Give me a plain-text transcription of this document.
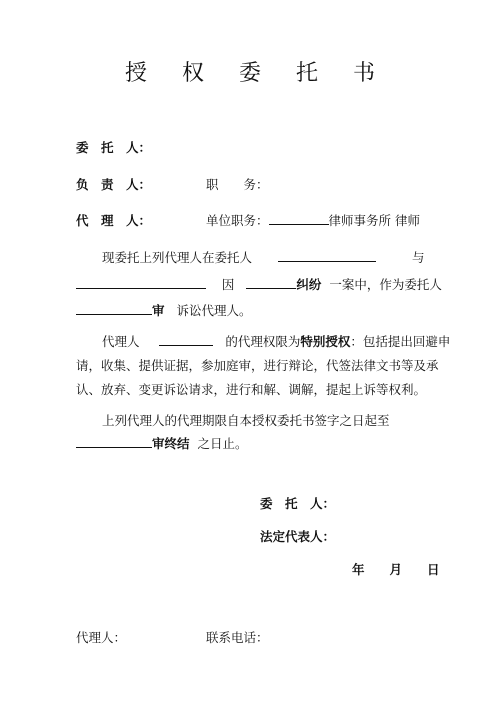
授 权 委 托 书
委　托　人：
负　责　人：	职　　务：
代　理　人：	单位职务：	律师事务所 律师
现委托上列代理人在委托人	与
因	纠纷 一案中，作为委托人
审 诉讼代理人。
代理人	的代理权限为特别授权：包括提出回避申
请，收集、提供证据，参加庭审，进行辩论，代签法律文书等及承
认、放弃、变更诉讼请求，进行和解、调解，提起上诉等权利。
上列代理人的代理期限自本授权委托书签字之日起至
审终结 之日止。
委　托　人：
法定代表人：
年　　月　　日
代理人：	联系电话：
